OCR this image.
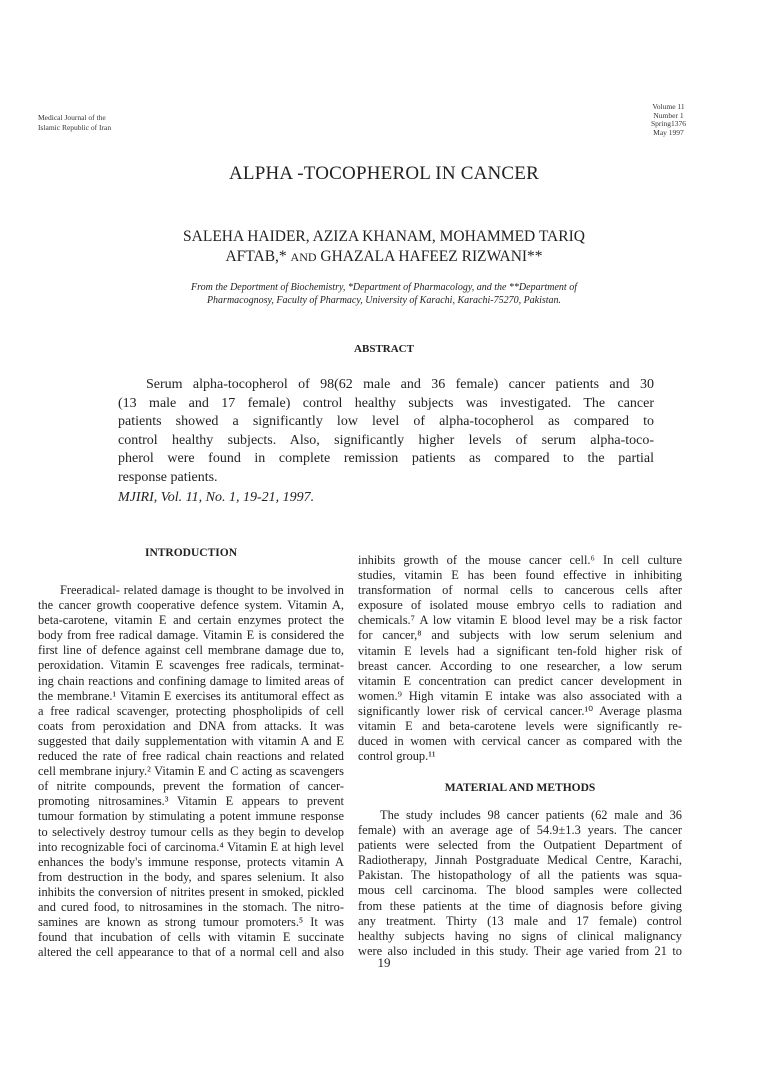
Medical Journal of the
Islamic Republic of Iran
Volume 11
Number 1
Spring1376
May 1997
ALPHA -TOCOPHEROL IN CANCER
SALEHA HAIDER, AZIZA KHANAM, MOHAMMED TARIQ
AFTAB,* AND GHAZALA HAFEEZ RIZWANI**
From the Deportment of Biochemistry, *Department of Pharmacology, and the **Department of
Pharmacognosy, Faculty of Pharmacy, University of Karachi, Karachi-75270, Pakistan.
ABSTRACT
Serum alpha-tocopherol of 98(62 male and 36 female) cancer patients and 30
(13 male and 17 female) control healthy subjects was investigated. The cancer
patients showed a significantly low level of alpha-tocopherol as compared to
control healthy subjects. Also, significantly higher levels of serum alpha-toco-
pherol were found in complete remission patients as compared to the partial
response patients.
MJIRI, Vol. 11, No. 1, 19-21, 1997.
INTRODUCTION
Freeradical- related damage is thought to be involved in
the cancer growth cooperative defence system. Vitamin A,
beta-carotene, vitamin E and certain enzymes protect the
body from free radical damage. Vitamin E is considered the
first line of defence against cell membrane damage due to,
peroxidation. Vitamin E scavenges free radicals, terminat-
ing chain reactions and confining damage to limited areas of
the membrane.¹ Vitamin E exercises its antitumoral effect as
a free radical scavenger, protecting phospholipids of cell
coats from peroxidation and DNA from attacks. It was
suggested that daily supplementation with vitamin A and E
reduced the rate of free radical chain reactions and related
cell membrane injury.² Vitamin E and C acting as scavengers
of nitrite compounds, prevent the formation of cancer-
promoting nitrosamines.³ Vitamin E appears to prevent
tumour formation by stimulating a potent immune response
to selectively destroy tumour cells as they begin to develop
into recognizable foci of carcinoma.⁴ Vitamin E at high level
enhances the body's immune response, protects vitamin A
from destruction in the body, and spares selenium. It also
inhibits the conversion of nitrites present in smoked, pickled
and cured food, to nitrosamines in the stomach. The nitro-
samines are known as strong tumour promoters.⁵ It was
found that incubation of cells with vitamin E succinate
altered the cell appearance to that of a normal cell and also
inhibits growth of the mouse cancer cell.⁶ In cell culture
studies, vitamin E has been found effective in inhibiting
transformation of normal cells to cancerous cells after
exposure of isolated mouse embryo cells to radiation and
chemicals.⁷ A low vitamin E blood level may be a risk factor
for cancer,⁸ and subjects with low serum selenium and
vitamin E levels had a significant ten-fold higher risk of
breast cancer. According to one researcher, a low serum
vitamin E concentration can predict cancer development in
women.⁹ High vitamin E intake was also associated with a
significantly lower risk of cervical cancer.¹⁰ Average plasma
vitamin E and beta-carotene levels were significantly re-
duced in women with cervical cancer as compared with the
control group.¹¹
MATERIAL AND METHODS
The study includes 98 cancer patients (62 male and 36
female) with an average age of 54.9±1.3 years. The cancer
patients were selected from the Outpatient Department of
Radiotherapy, Jinnah Postgraduate Medical Centre, Karachi,
Pakistan. The histopathology of all the patients was squa-
mous cell carcinoma. The blood samples were collected
from these patients at the time of diagnosis before giving
any treatment. Thirty (13 male and 17 female) control
healthy subjects having no signs of clinical malignancy
were also included in this study. Their age varied from 21 to
19
